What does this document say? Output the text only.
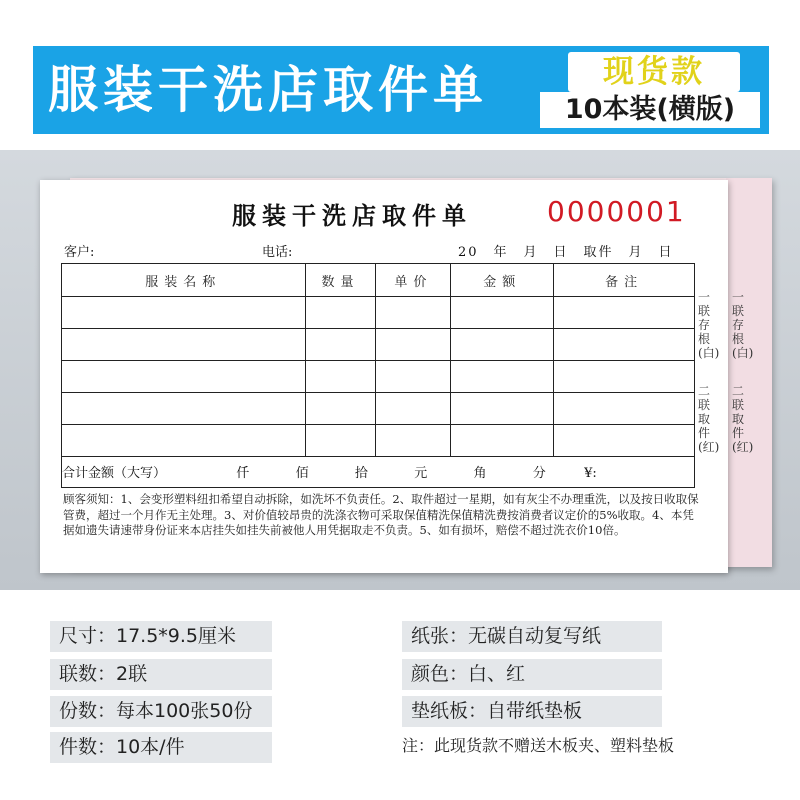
服装干洗店取件单	现货款
10本装(横版)
一联存根(白)
二联取件(红)
服装干洗店取件单	0000001
客户:	电话:	20　年　月　日　取件　月　日
服装名称	数量	单价	金额	备注

合计金额（大写）	仟	佰	拾	元	角	分	¥:
顾客须知：1、会变形塑料纽扣希望自动拆除，如洗坏不负责任。2、取件超过一星期，如有灰尘不办理重洗，以及按日收取保管费，超过一个月作无主处理。3、对价值较昂贵的洗涤衣物可采取保值精洗保值精洗费按消费者议定价的5%收取。4、本凭据如遗失请速带身份证来本店挂失如挂失前被他人用凭据取走不负责。5、如有损坏，赔偿不超过洗衣价10倍。
一联存根(白)
二联取件(红)
尺寸：17.5*9.5厘米
联数：2联
份数：每本100张50份
件数：10本/件
纸张：无碳自动复写纸
颜色：白、红
垫纸板：自带纸垫板
注：此现货款不赠送木板夹、塑料垫板
